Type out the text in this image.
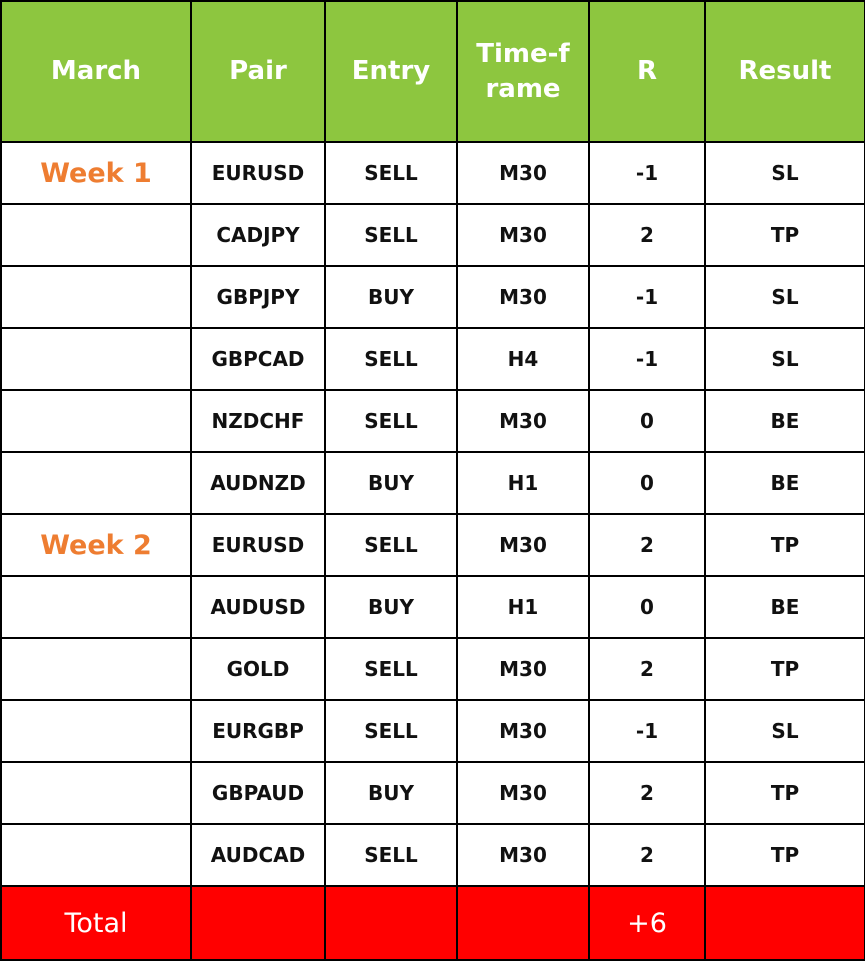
March	Pair	Entry	Time-frame	R	Result
Week 1	EURUSD	SELL	M30	-1	SL
	CADJPY	SELL	M30	2	TP
	GBPJPY	BUY	M30	-1	SL
	GBPCAD	SELL	H4	-1	SL
	NZDCHF	SELL	M30	0	BE
	AUDNZD	BUY	H1	0	BE
Week 2	EURUSD	SELL	M30	2	TP
	AUDUSD	BUY	H1	0	BE
	GOLD	SELL	M30	2	TP
	EURGBP	SELL	M30	-1	SL
	GBPAUD	BUY	M30	2	TP
	AUDCAD	SELL	M30	2	TP
Total				+6	
